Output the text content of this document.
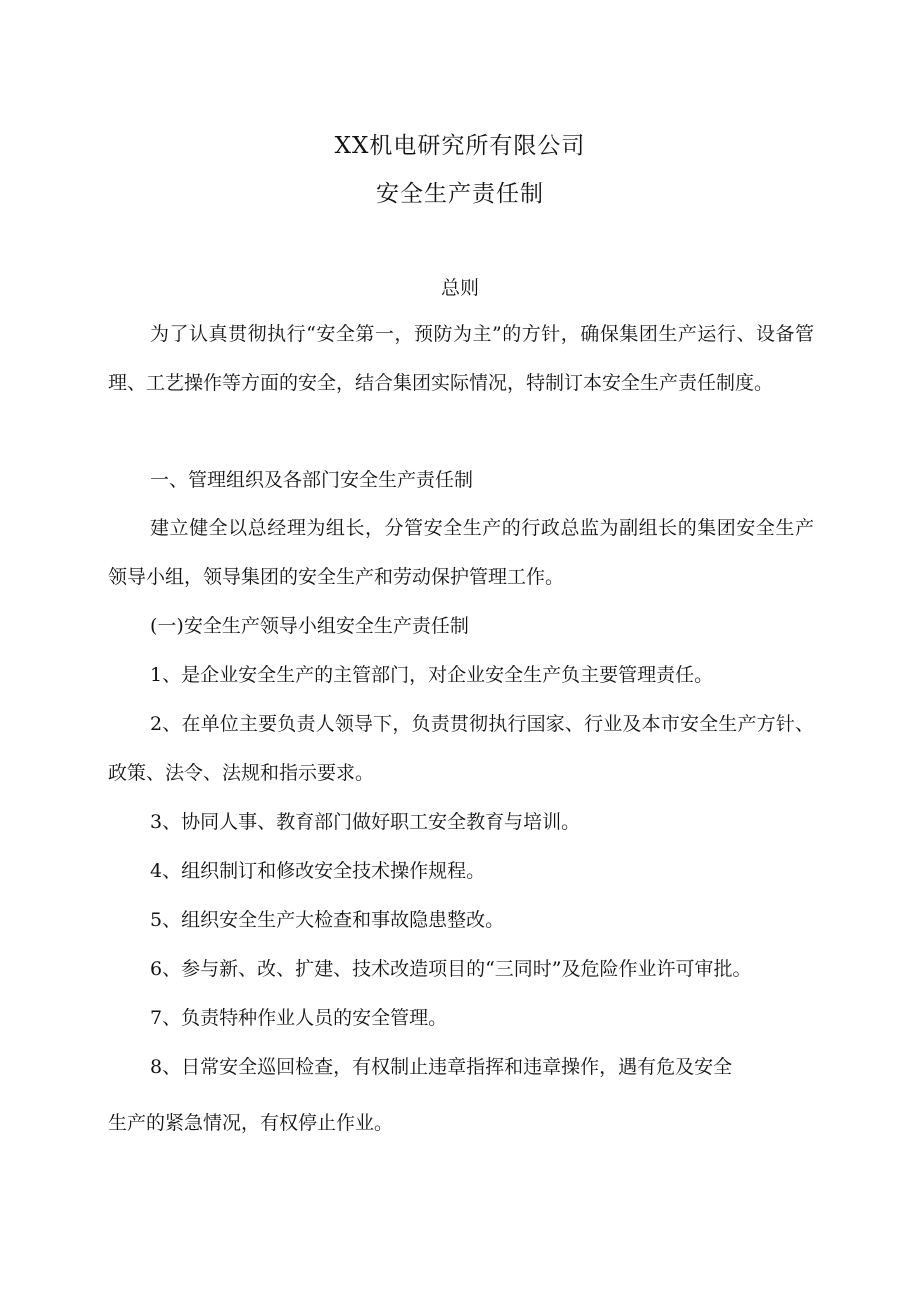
XX机电研究所有限公司
安全生产责任制
总则
为了认真贯彻执行“安全第一，预防为主”的方针，确保集团生产运行、设备管理、工艺操作等方面的安全，结合集团实际情况，特制订本安全生产责任制度。
一、管理组织及各部门安全生产责任制
建立健全以总经理为组长，分管安全生产的行政总监为副组长的集团安全生产领导小组，领导集团的安全生产和劳动保护管理工作。
(一)安全生产领导小组安全生产责任制
1、是企业安全生产的主管部门，对企业安全生产负主要管理责任。
2、在单位主要负责人领导下，负责贯彻执行国家、行业及本市安全生产方针、政策、法令、法规和指示要求。
3、协同人事、教育部门做好职工安全教育与培训。
4、组织制订和修改安全技术操作规程。
5、组织安全生产大检查和事故隐患整改。
6、参与新、改、扩建、技术改造项目的“三同时”及危险作业许可审批。
7、负责特种作业人员的安全管理。
8、日常安全巡回检查，有权制止违章指挥和违章操作，遇有危及安全
生产的紧急情况，有权停止作业。
